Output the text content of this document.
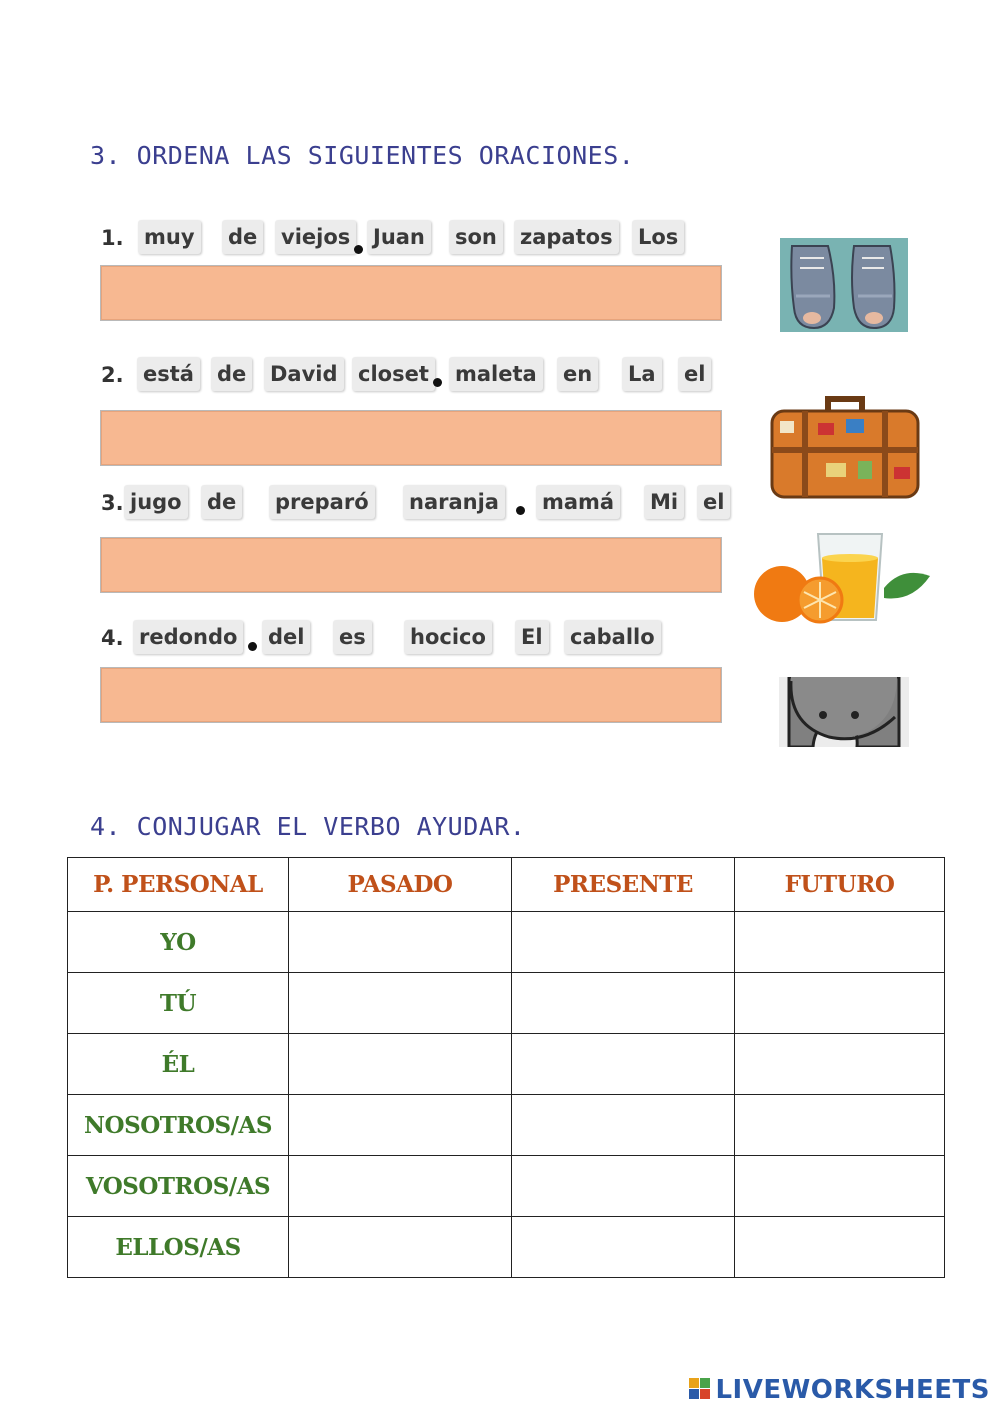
3. ORDENA LAS SIGUIENTES ORACIONES.
1. muy de viejos Juan son zapatos Los
2. está de David closet maleta en La el
3. jugo de preparó naranja mamá Mi el
4. redondo del es hocico El caballo
4. CONJUGAR EL VERBO AYUDAR.
P. PERSONAL	PASADO	PRESENTE	FUTURO
YO			
TÚ			
ÉL			
NOSOTROS/AS			
VOSOTROS/AS			
ELLOS/AS			
LIVEWORKSHEETS
